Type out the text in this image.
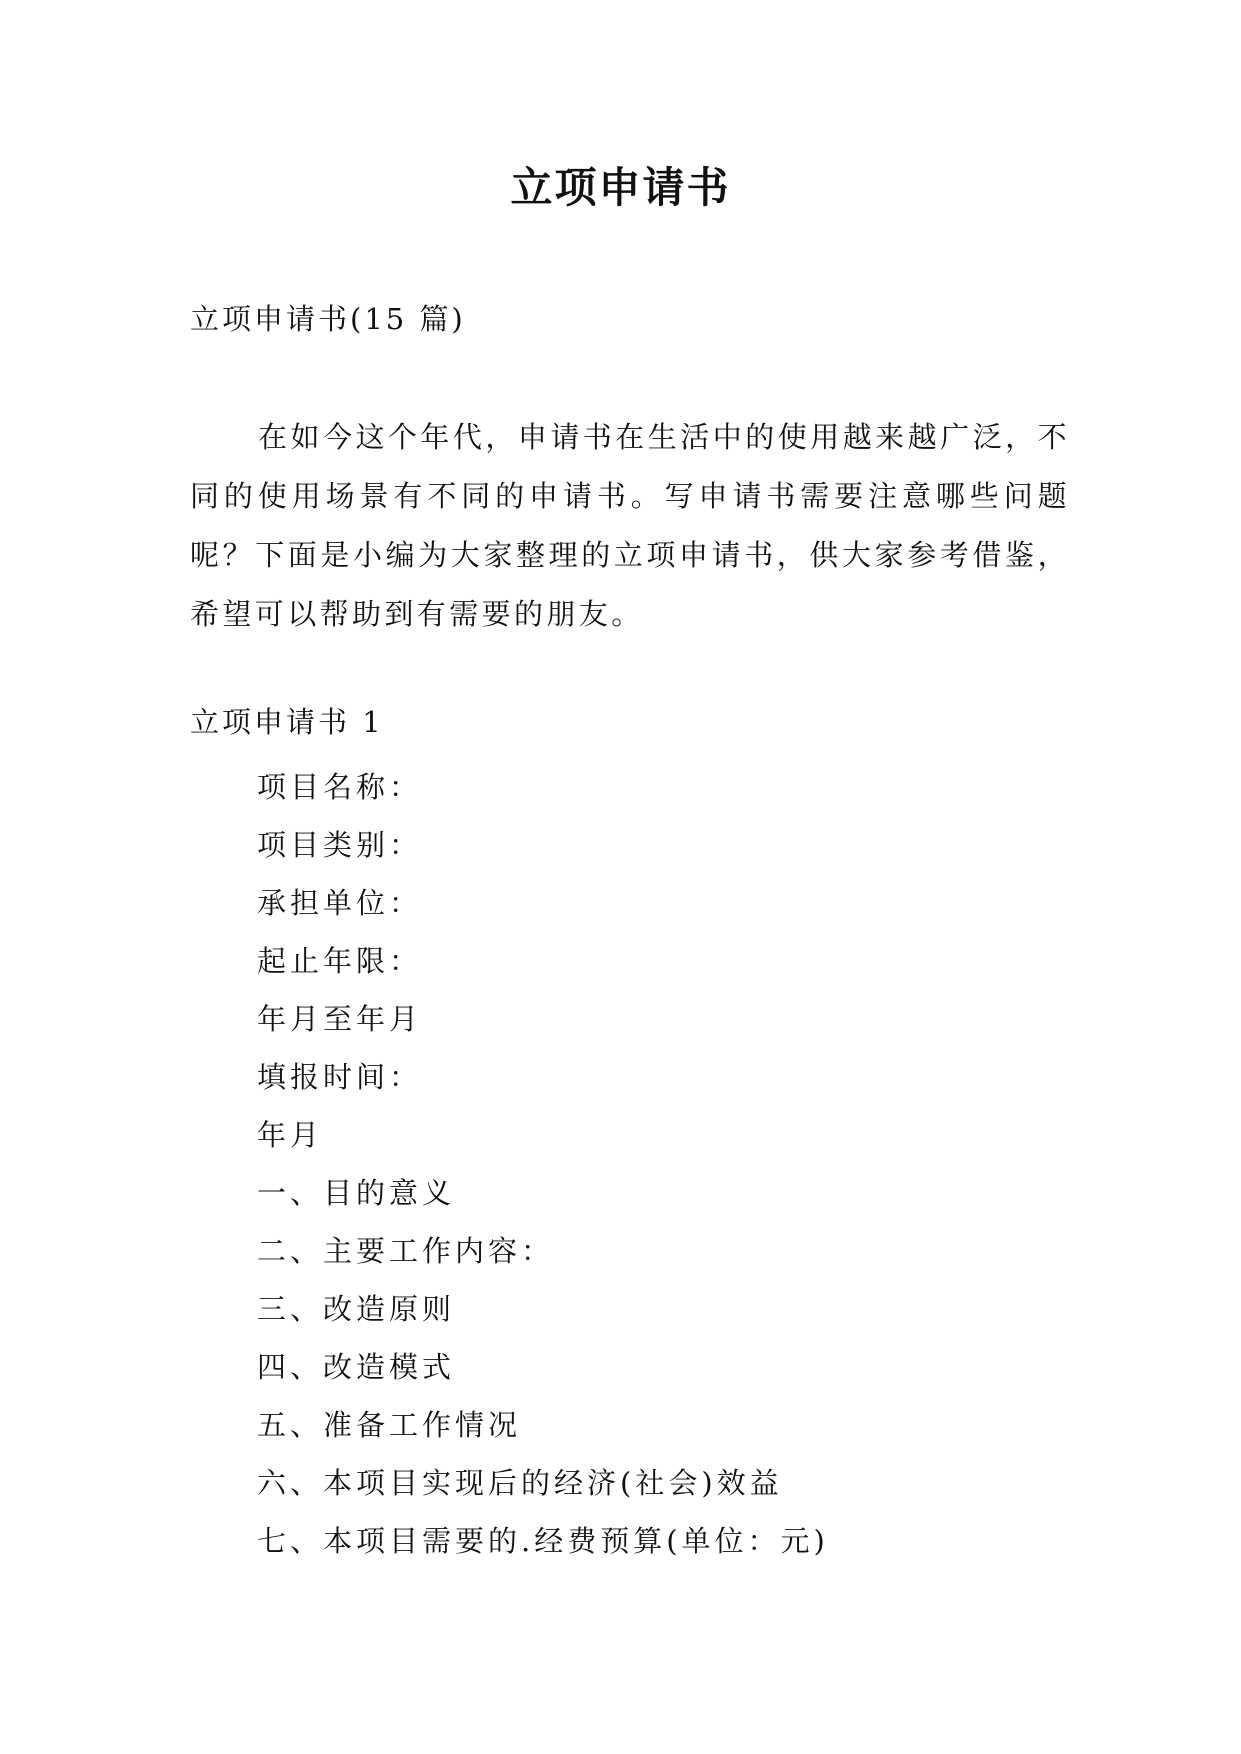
立项申请书
立项申请书(15 篇)

在如今这个年代，申请书在生活中的使用越来越广泛，不同的使用场景有不同的申请书。写申请书需要注意哪些问题呢？下面是小编为大家整理的立项申请书，供大家参考借鉴，希望可以帮助到有需要的朋友。

立项申请书 1
项目名称：
项目类别：
承担单位：
起止年限：
年月至年月
填报时间：
年月
一、目的意义
二、主要工作内容：
三、改造原则
四、改造模式
五、准备工作情况
六、本项目实现后的经济(社会)效益
七、本项目需要的.经费预算(单位：元)
